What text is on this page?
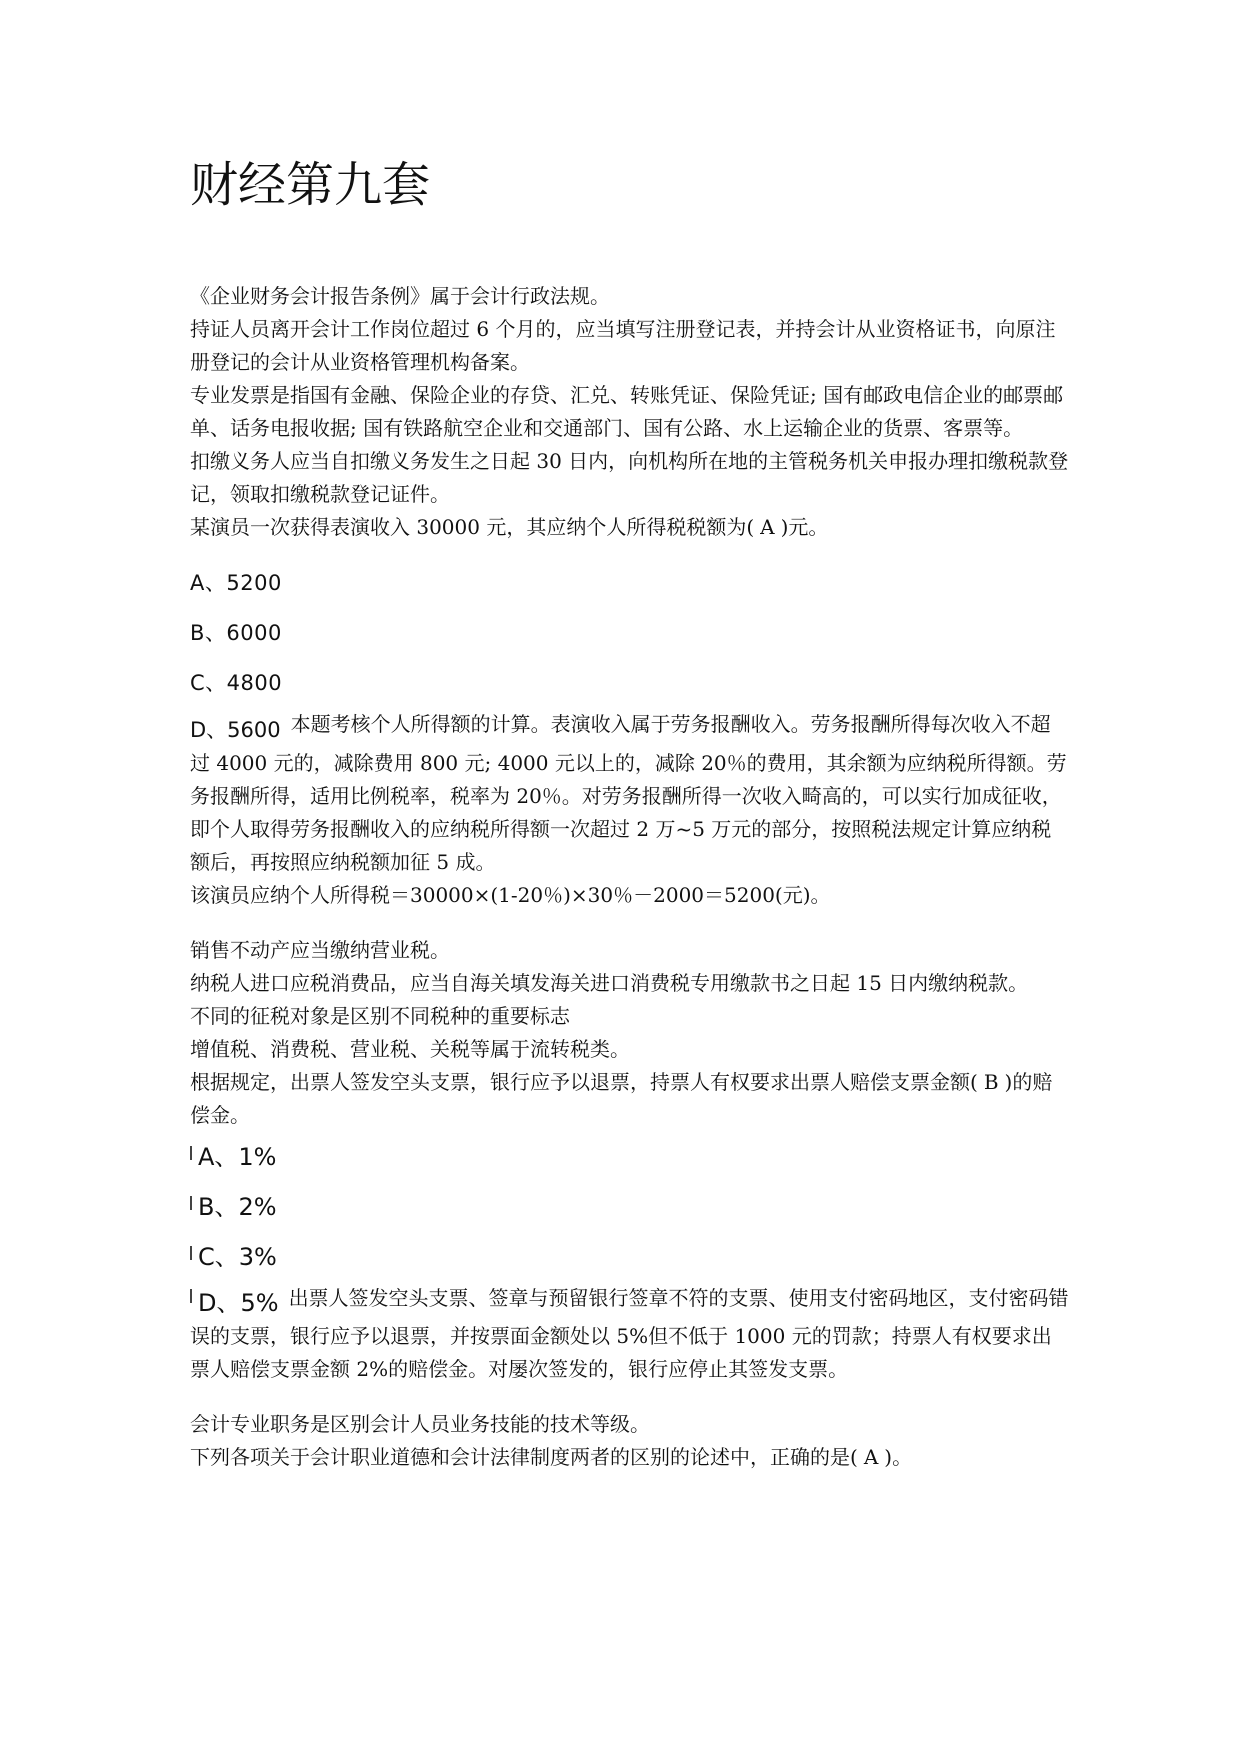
财经第九套

《企业财务会计报告条例》属于会计行政法规。

持证人员离开会计工作岗位超过 6 个月的，应当填写注册登记表，并持会计从业资格证书，向原注册登记的会计从业资格管理机构备案。

专业发票是指国有金融、保险企业的存贷、汇兑、转账凭证、保险凭证; 国有邮政电信企业的邮票邮单、话务电报收据; 国有铁路航空企业和交通部门、国有公路、水上运输企业的货票、客票等。

扣缴义务人应当自扣缴义务发生之日起 30 日内，向机构所在地的主管税务机关申报办理扣缴税款登记，领取扣缴税款登记证件。

某演员一次获得表演收入 30000 元，其应纳个人所得税税额为( A )元。

A、5200
B、6000
C、4800

D、5600 本题考核个人所得额的计算。表演收入属于劳务报酬收入。劳务报酬所得每次收入不超过 4000 元的，减除费用 800 元; 4000 元以上的，减除 20％的费用，其余额为应纳税所得额。劳务报酬所得，适用比例税率，税率为 20％。对劳务报酬所得一次收入畸高的，可以实行加成征收，即个人取得劳务报酬收入的应纳税所得额一次超过 2 万~5 万元的部分，按照税法规定计算应纳税额后，再按照应纳税额加征 5 成。

该演员应纳个人所得税＝30000×(1-20％)×30％－2000＝5200(元)。

销售不动产应当缴纳营业税。

纳税人进口应税消费品，应当自海关填发海关进口消费税专用缴款书之日起 15 日内缴纳税款。

不同的征税对象是区别不同税种的重要标志

增值税、消费税、营业税、关税等属于流转税类。

根据规定，出票人签发空头支票，银行应予以退票，持票人有权要求出票人赔偿支票金额( B )的赔偿金。

A、1%
B、2%
C、3%

D、5% 出票人签发空头支票、签章与预留银行签章不符的支票、使用支付密码地区，支付密码错误的支票，银行应予以退票，并按票面金额处以 5%但不低于 1000 元的罚款；持票人有权要求出票人赔偿支票金额 2%的赔偿金。对屡次签发的，银行应停止其签发支票。

会计专业职务是区别会计人员业务技能的技术等级。

下列各项关于会计职业道德和会计法律制度两者的区别的论述中，正确的是( A )。
